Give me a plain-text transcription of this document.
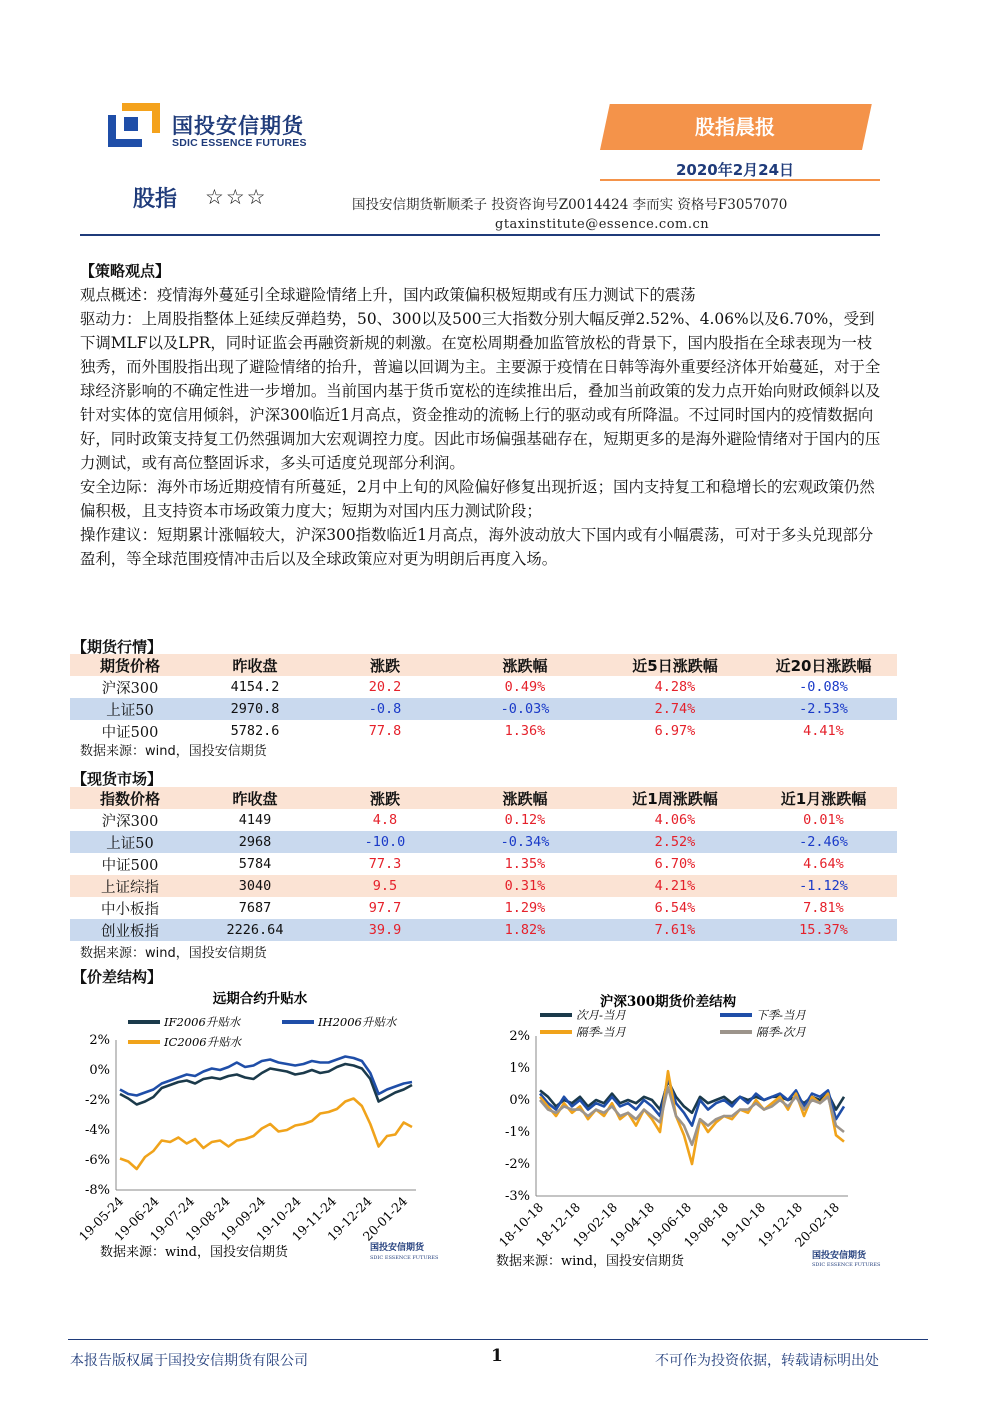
国投安信期货
SDIC ESSENCE FUTURES
股指晨报
2020年2月24日
股指 ☆☆☆	国投安信期货靳顺柔子 投资咨询号Z0014424 李而实 资格号F3057070
gtaxinstitute@essence.com.cn
【策略观点】

观点概述：疫情海外蔓延引全球避险情绪上升，国内政策偏积极短期或有压力测试下的震荡

驱动力：上周股指整体上延续反弹趋势，50、300以及500三大指数分别大幅反弹2.52%、4.06%以及6.70%，受到下调MLF以及LPR，同时证监会再融资新规的刺激。在宽松周期叠加监管放松的背景下，国内股指在全球表现为一枝独秀，而外围股指出现了避险情绪的抬升，普遍以回调为主。主要源于疫情在日韩等海外重要经济体开始蔓延，对于全球经济影响的不确定性进一步增加。当前国内基于货币宽松的连续推出后，叠加当前政策的发力点开始向财政倾斜以及针对实体的宽信用倾斜，沪深300临近1月高点，资金推动的流畅上行的驱动或有所降温。不过同时国内的疫情数据向好，同时政策支持复工仍然强调加大宏观调控力度。因此市场偏强基础存在，短期更多的是海外避险情绪对于国内的压力测试，或有高位整固诉求，多头可适度兑现部分利润。

安全边际：海外市场近期疫情有所蔓延，2月中上旬的风险偏好修复出现折返；国内支持复工和稳增长的宏观政策仍然偏积极，且支持资本市场政策力度大；短期为对国内压力测试阶段；

操作建议：短期累计涨幅较大，沪深300指数临近1月高点，海外波动放大下国内或有小幅震荡，可对于多头兑现部分盈利，等全球范围疫情冲击后以及全球政策应对更为明朗后再度入场。

【期货行情】
期货价格	昨收盘	涨跌	涨跌幅	近5日涨跌幅	近20日涨跌幅
沪深300	4154.2	20.2	0.49%	4.28%	-0.08%
上证50	2970.8	-0.8	-0.03%	2.74%	-2.53%
中证500	5782.6	77.8	1.36%	6.97%	4.41%
数据来源：wind，国投安信期货
【现货市场】
指数价格	昨收盘	涨跌	涨跌幅	近1周涨跌幅	近1月涨跌幅
沪深300	4149	4.8	0.12%	4.06%	0.01%
上证50	2968	-10.0	-0.34%	2.52%	-2.46%
中证500	5784	77.3	1.35%	6.70%	4.64%
上证综指	3040	9.5	0.31%	4.21%	-1.12%
中小板指	7687	97.7	1.29%	6.54%	7.81%
创业板指	2226.64	39.9	1.82%	7.61%	15.37%
数据来源：wind，国投安信期货
【价差结构】
远期合约升贴水
数据来源：wind，国投安信期货	国投安信期货
SDIC ESSENCE FUTURES
2%
0%
-2%
-4%
-6%
-8%
19-05-24
19-06-24
19-07-24
19-08-24
19-09-24
19-10-24
19-11-24
19-12-24
20-01-24
IF2006升贴水	IH2006升贴水
IC2006升贴水
沪深300期货价差结构
数据来源：wind，国投安信期货	国投安信期货
SDIC ESSENCE FUTURES
2%
1%
0%
-1%
-2%
-3%
18-10-18
18-12-18
19-02-18
19-04-18
19-06-18
19-08-18
19-10-18
19-12-18
20-02-18
次月-当月	下季-当月
隔季-当月	隔季-次月
本报告版权属于国投安信期货有限公司	1	不可作为投资依据，转载请标明出处
